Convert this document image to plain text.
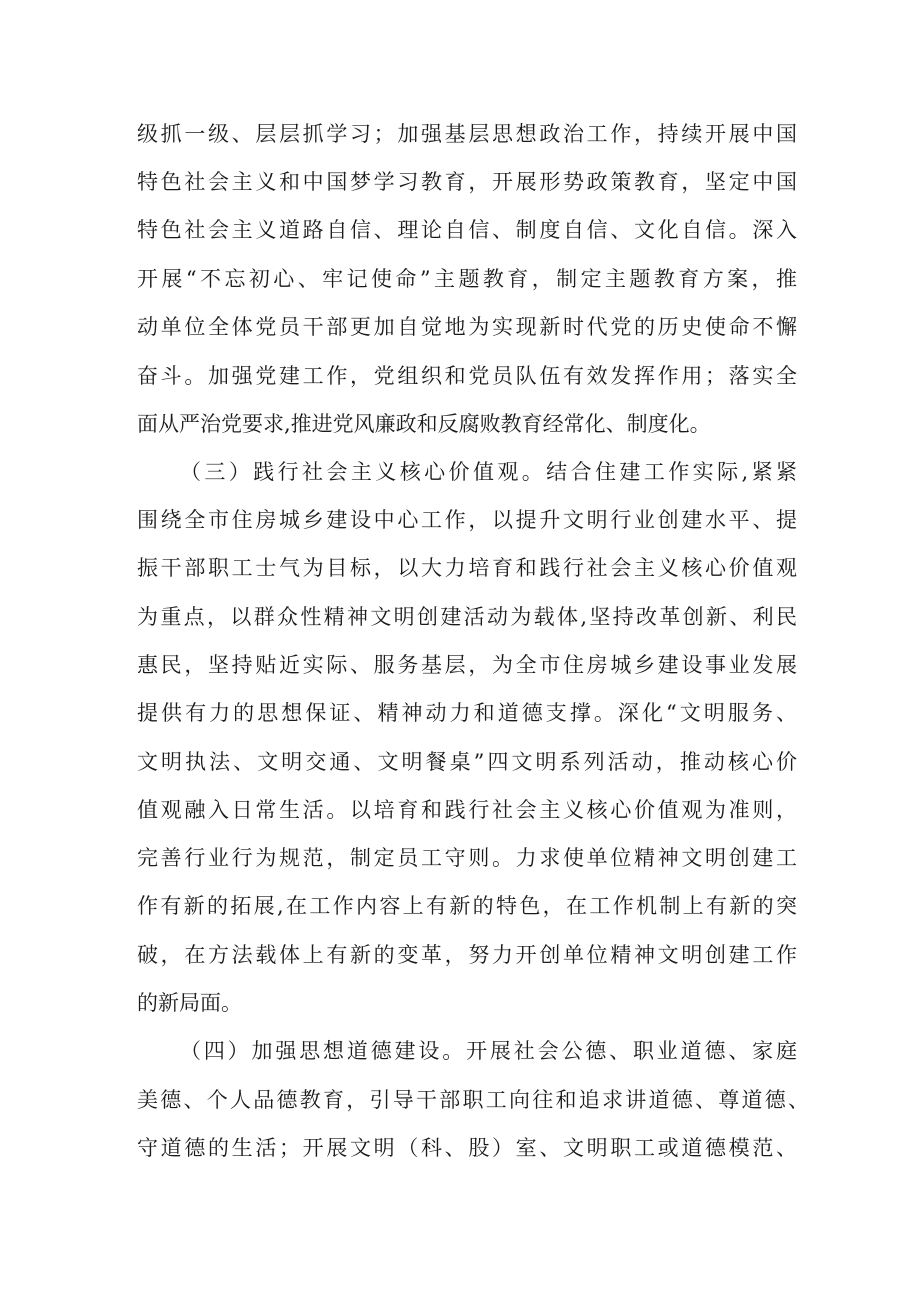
级抓一级、层层抓学习；加强基层思想政治工作，持续开展中国
特色社会主义和中国梦学习教育，开展形势政策教育，坚定中国
特色社会主义道路自信、理论自信、制度自信、文化自信。深入
开展“不忘初心、牢记使命”主题教育，制定主题教育方案，推
动单位全体党员干部更加自觉地为实现新时代党的历史使命不懈
奋斗。加强党建工作，党组织和党员队伍有效发挥作用；落实全
面从严治党要求,推进党风廉政和反腐败教育经常化、制度化。
（三）践行社会主义核心价值观。结合住建工作实际,紧紧
围绕全市住房城乡建设中心工作，以提升文明行业创建水平、提
振干部职工士气为目标，以大力培育和践行社会主义核心价值观
为重点，以群众性精神文明创建活动为载体,坚持改革创新、利民
惠民，坚持贴近实际、服务基层，为全市住房城乡建设事业发展
提供有力的思想保证、精神动力和道德支撑。深化“文明服务、
文明执法、文明交通、文明餐桌”四文明系列活动，推动核心价
值观融入日常生活。以培育和践行社会主义核心价值观为准则，
完善行业行为规范，制定员工守则。力求使单位精神文明创建工
作有新的拓展,在工作内容上有新的特色，在工作机制上有新的突
破，在方法载体上有新的变革，努力开创单位精神文明创建工作
的新局面。
（四）加强思想道德建设。开展社会公德、职业道德、家庭
美德、个人品德教育，引导干部职工向往和追求讲道德、尊道德、
守道德的生活；开展文明（科、股）室、文明职工或道德模范、
